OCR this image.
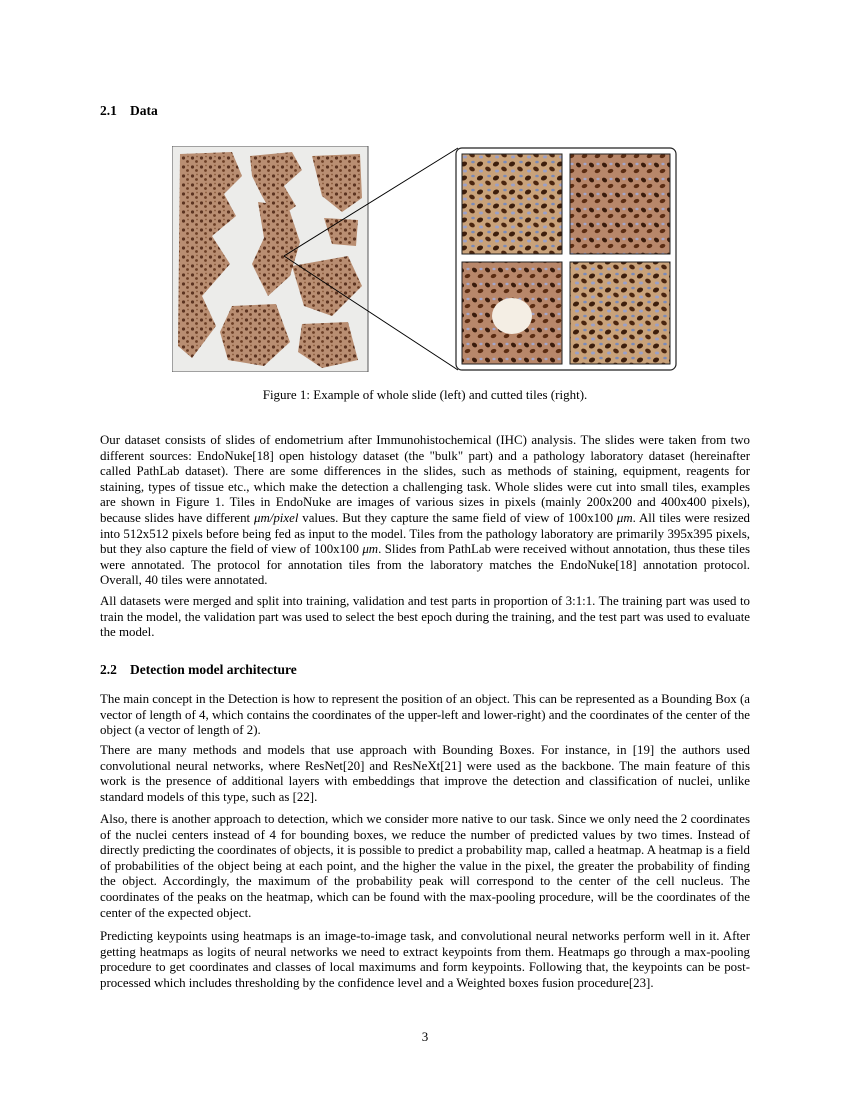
2.1 Data
Figure 1: Example of whole slide (left) and cutted tiles (right).

Our dataset consists of slides of endometrium after Immunohistochemical (IHC) analysis. The slides were taken from two different sources: EndoNuke[18] open histology dataset (the "bulk" part) and a pathology laboratory dataset (hereinafter called PathLab dataset). There are some differences in the slides, such as methods of staining, equipment, reagents for staining, types of tissue etc., which make the detection a challenging task. Whole slides were cut into small tiles, examples are shown in Figure 1. Tiles in EndoNuke are images of various sizes in pixels (mainly 200x200 and 400x400 pixels), because slides have different μm/pixel values. But they capture the same field of view of 100x100 μm. All tiles were resized into 512x512 pixels before being fed as input to the model. Tiles from the pathology laboratory are primarily 395x395 pixels, but they also capture the field of view of 100x100 μm. Slides from PathLab were received without annotation, thus these tiles were annotated. The protocol for annotation tiles from the laboratory matches the EndoNuke[18] annotation protocol. Overall, 40 tiles were annotated.

All datasets were merged and split into training, validation and test parts in proportion of 3:1:1. The training part was used to train the model, the validation part was used to select the best epoch during the training, and the test part was used to evaluate the model.

2.2 Detection model architecture

The main concept in the Detection is how to represent the position of an object. This can be represented as a Bounding Box (a vector of length of 4, which contains the coordinates of the upper-left and lower-right) and the coordinates of the center of the object (a vector of length of 2).

There are many methods and models that use approach with Bounding Boxes. For instance, in [19] the authors used convolutional neural networks, where ResNet[20] and ResNeXt[21] were used as the backbone. The main feature of this work is the presence of additional layers with embeddings that improve the detection and classification of nuclei, unlike standard models of this type, such as [22].

Also, there is another approach to detection, which we consider more native to our task. Since we only need the 2 coordinates of the nuclei centers instead of 4 for bounding boxes, we reduce the number of predicted values by two times. Instead of directly predicting the coordinates of objects, it is possible to predict a probability map, called a heatmap. A heatmap is a field of probabilities of the object being at each point, and the higher the value in the pixel, the greater the probability of finding the object. Accordingly, the maximum of the probability peak will correspond to the center of the cell nucleus. The coordinates of the peaks on the heatmap, which can be found with the max-pooling procedure, will be the coordinates of the center of the expected object.

Predicting keypoints using heatmaps is an image-to-image task, and convolutional neural networks perform well in it. After getting heatmaps as logits of neural networks we need to extract keypoints from them. Heatmaps go through a max-pooling procedure to get coordinates and classes of local maximums and form keypoints. Following that, the keypoints can be post-processed which includes thresholding by the confidence level and a Weighted boxes fusion procedure[23].

3
